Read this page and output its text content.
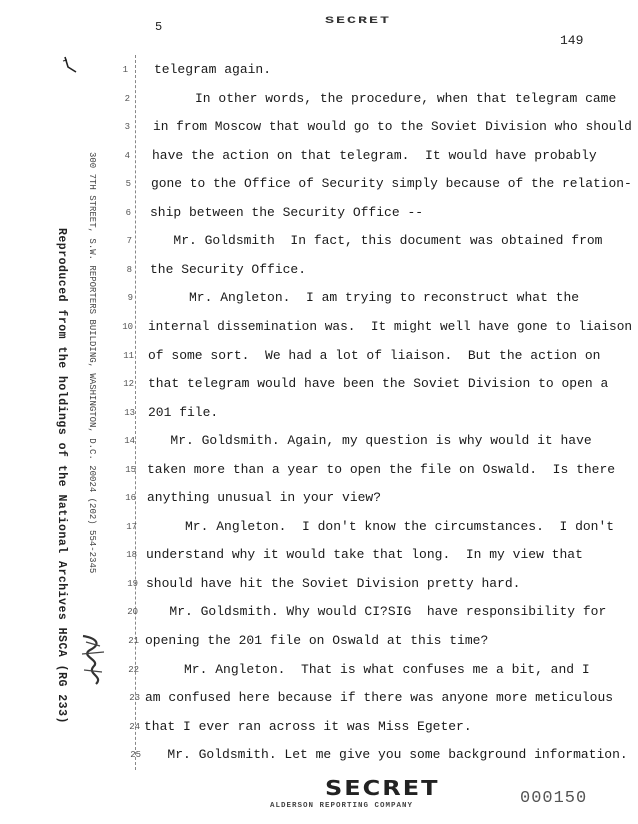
5	SECRET
149
Reproduced from the holdings of the National Archives HSCA (RG 233) 300 7TH STREET, S.W. REPORTERS BUILDING, WASHINGTON, D.C. 20024 (202) 554-2345
1 telegram again.
2 In other words, the procedure, when that telegram came
3 in from Moscow that would go to the Soviet Division who should
4 have the action on that telegram.  It would have probably
5 gone to the Office of Security simply because of the relation-
6 ship between the Security Office --
7 Mr. Goldsmith  In fact, this document was obtained from
8 the Security Office.
9 Mr. Angleton.  I am trying to reconstruct what the
10 internal dissemination was.  It might well have gone to liaison
11 of some sort.  We had a lot of liaison.  But the action on
12 that telegram would have been the Soviet Division to open a
13 201 file.
14 Mr. Goldsmith. Again, my question is why would it have
15 taken more than a year to open the file on Oswald.  Is there
16 anything unusual in your view?
17 Mr. Angleton.  I don't know the circumstances.  I don't
18 understand why it would take that long.  In my view that
19 should have hit the Soviet Division pretty hard.
20 Mr. Goldsmith. Why would CI?SIG  have responsibility for
21 opening the 201 file on Oswald at this time?
22 Mr. Angleton.  That is what confuses me a bit, and I
23 am confused here because if there was anyone more meticulous
24 that I ever ran across it was Miss Egeter.
25 Mr. Goldsmith. Let me give you some background information.
SECRET
ALDERSON REPORTING COMPANY	000150
